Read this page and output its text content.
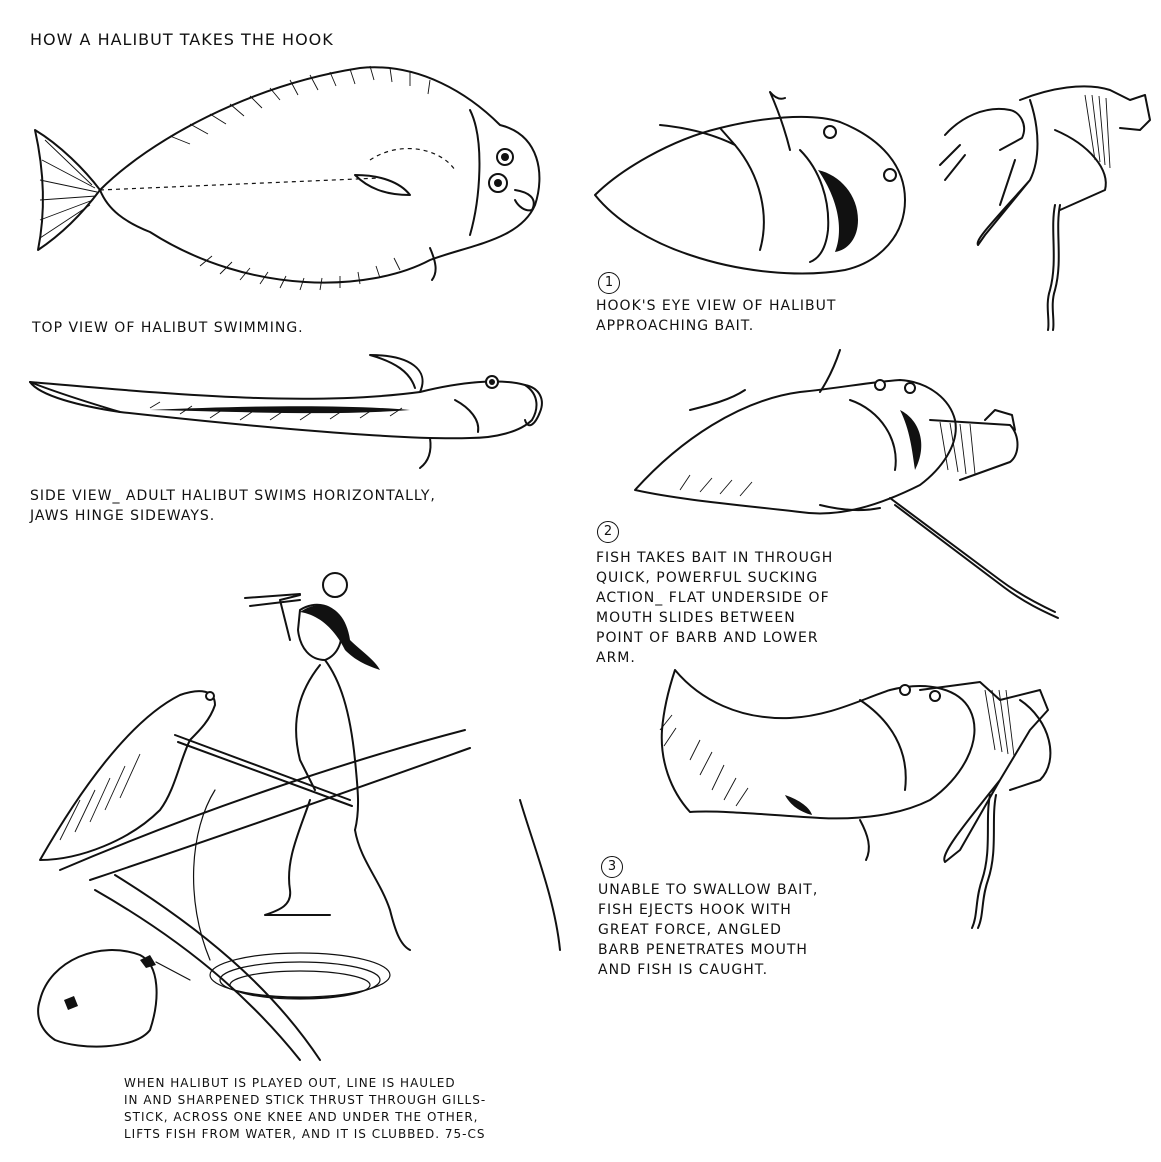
HOW A HALIBUT TAKES THE HOOK

TOP VIEW OF HALIBUT SWIMMING.

SIDE VIEW_ ADULT HALIBUT SWIMS HORIZONTALLY,
JAWS HINGE SIDEWAYS.

WHEN HALIBUT IS PLAYED OUT, LINE IS HAULED
IN AND SHARPENED STICK THRUST THROUGH GILLS-
STICK, ACROSS ONE KNEE AND UNDER THE OTHER,
LIFTS FISH FROM WATER, AND IT IS CLUBBED. 75-CS

1

HOOK'S EYE VIEW OF HALIBUT
APPROACHING BAIT.

2

FISH TAKES BAIT IN THROUGH
QUICK, POWERFUL SUCKING
ACTION_ FLAT UNDERSIDE OF
MOUTH SLIDES BETWEEN
POINT OF BARB AND LOWER
ARM.

3

UNABLE TO SWALLOW BAIT,
FISH EJECTS HOOK WITH
GREAT FORCE, ANGLED
BARB PENETRATES MOUTH
AND FISH IS CAUGHT.
